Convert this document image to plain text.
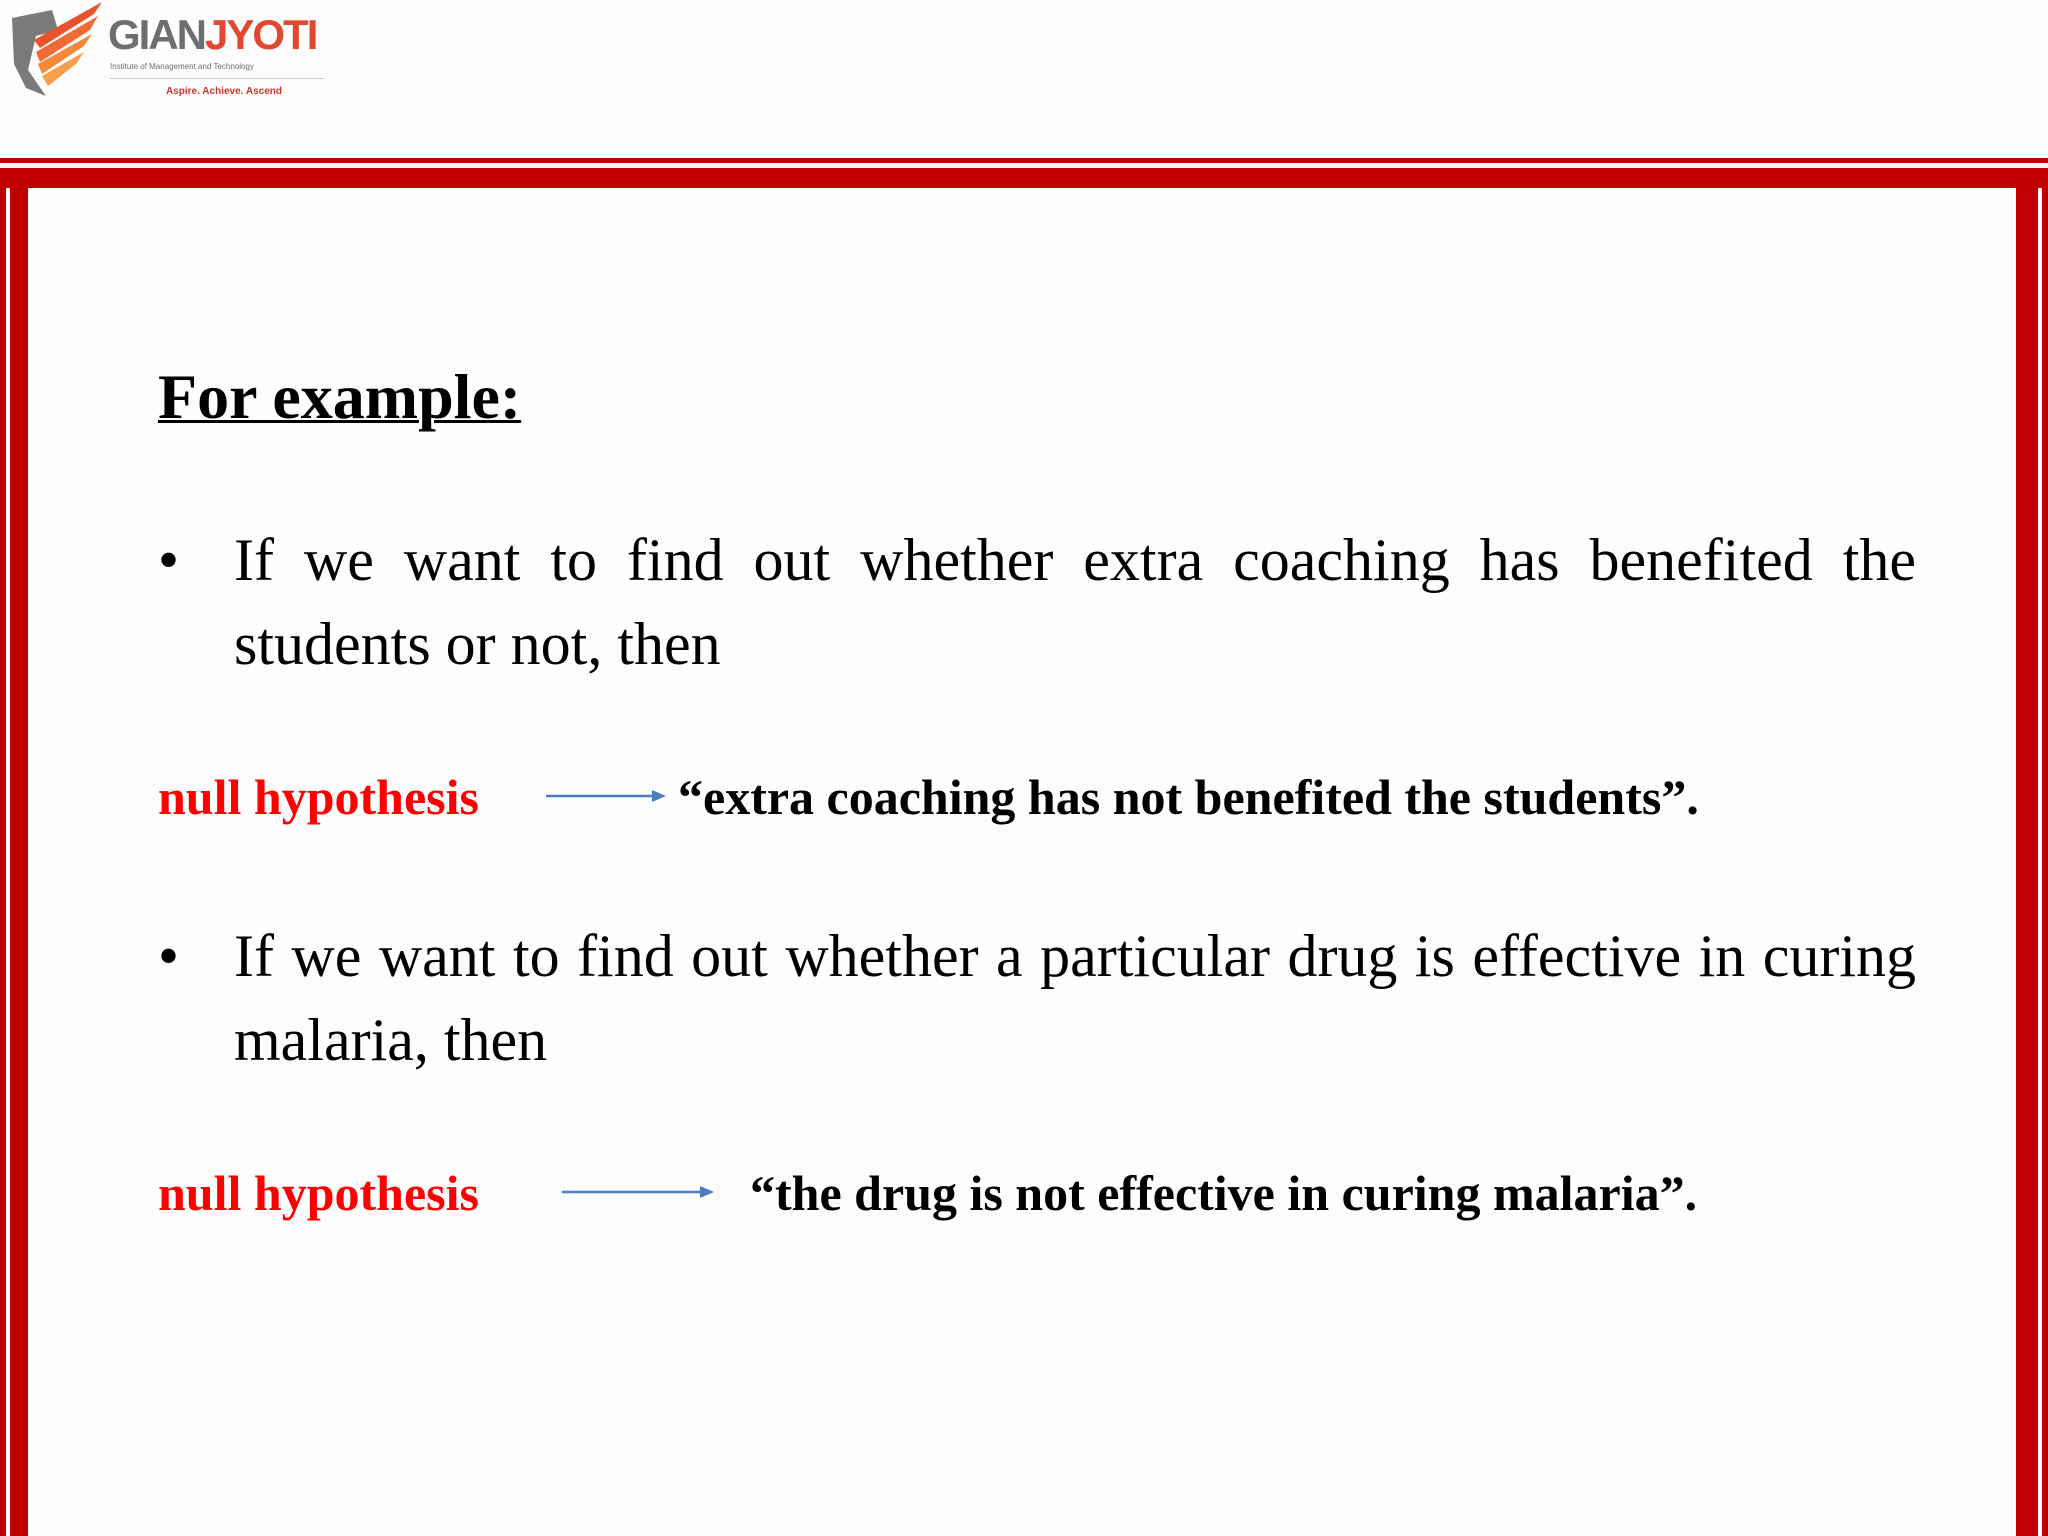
GIANJYOTI
Institute of Management and Technology
Aspire. Achieve. Ascend
For example:
• If we want to find out whether extra coaching has benefited the students or not, then
null hypothesis	“extra coaching has not benefited the students”.
• If we want to find out whether a particular drug is effective in curing malaria, then
null hypothesis	“the drug is not effective in curing malaria”.
